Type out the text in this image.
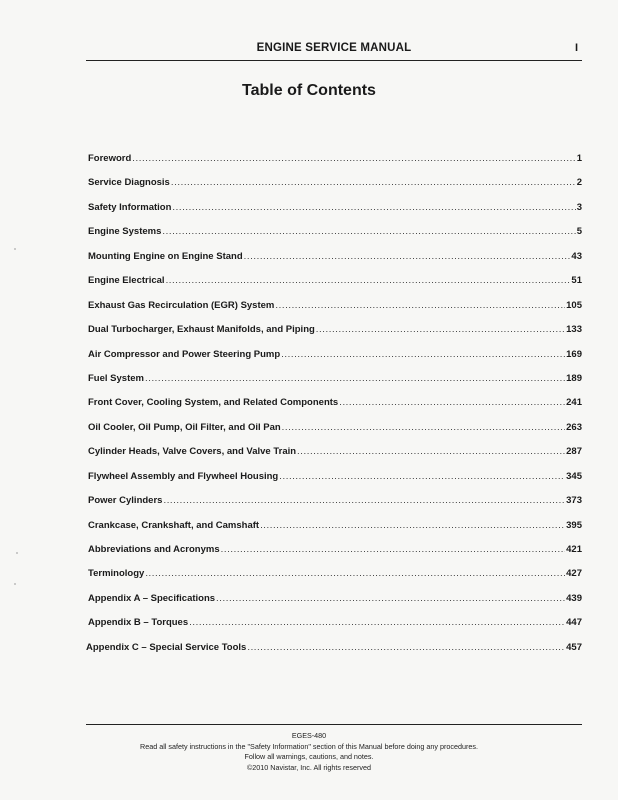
ENGINE SERVICE MANUAL	I
Table of Contents
Foreword .....	1
Service Diagnosis .....	2
Safety Information .....	3
Engine Systems .....	5
Mounting Engine on Engine Stand .....	43
Engine Electrical .....	51
Exhaust Gas Recirculation (EGR) System .....	105
Dual Turbocharger, Exhaust Manifolds, and Piping .....	133
Air Compressor and Power Steering Pump .....	169
Fuel System .....	189
Front Cover, Cooling System, and Related Components .....	241
Oil Cooler, Oil Pump, Oil Filter, and Oil Pan .....	263
Cylinder Heads, Valve Covers, and Valve Train .....	287
Flywheel Assembly and Flywheel Housing .....	345
Power Cylinders .....	373
Crankcase, Crankshaft, and Camshaft .....	395
Abbreviations and Acronyms .....	421
Terminology .....	427
Appendix A – Specifications .....	439
Appendix B – Torques .....	447
Appendix C – Special Service Tools .....	457
EGES-480
Read all safety instructions in the "Safety Information" section of this Manual before doing any procedures.
Follow all warnings, cautions, and notes.
©2010 Navistar, Inc. All rights reserved
